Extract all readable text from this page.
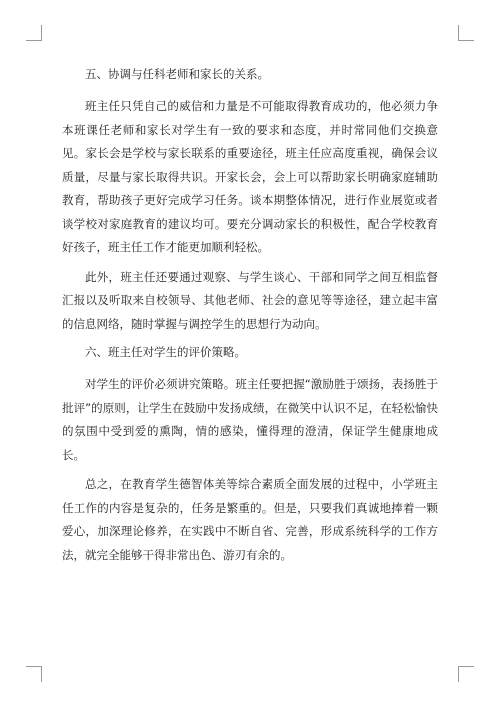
五、协调与任科老师和家长的关系。

班主任只凭自己的威信和力量是不可能取得教育成功的，他必须力争本班课任老师和家长对学生有一致的要求和态度，并时常同他们交换意见。家长会是学校与家长联系的重要途径，班主任应高度重视，确保会议质量，尽量与家长取得共识。开家长会，会上可以帮助家长明确家庭辅助教育，帮助孩子更好完成学习任务。谈本期整体情况，进行作业展览或者谈学校对家庭教育的建议均可。要充分调动家长的积极性，配合学校教育好孩子，班主任工作才能更加顺利轻松。

此外，班主任还要通过观察、与学生谈心、干部和同学之间互相监督汇报以及听取来自校领导、其他老师、社会的意见等等途径，建立起丰富的信息网络，随时掌握与调控学生的思想行为动向。

六、班主任对学生的评价策略。

对学生的评价必须讲究策略。班主任要把握“激励胜于颂扬，表扬胜于批评”的原则，让学生在鼓励中发扬成绩，在微笑中认识不足，在轻松愉快的氛围中受到爱的熏陶，情的感染，懂得理的澄清，保证学生健康地成长。

总之，在教育学生德智体美等综合素质全面发展的过程中，小学班主任工作的内容是复杂的，任务是繁重的。但是，只要我们真诚地捧着一颗爱心，加深理论修养，在实践中不断自省、完善，形成系统科学的工作方法，就完全能够干得非常出色、游刃有余的。
